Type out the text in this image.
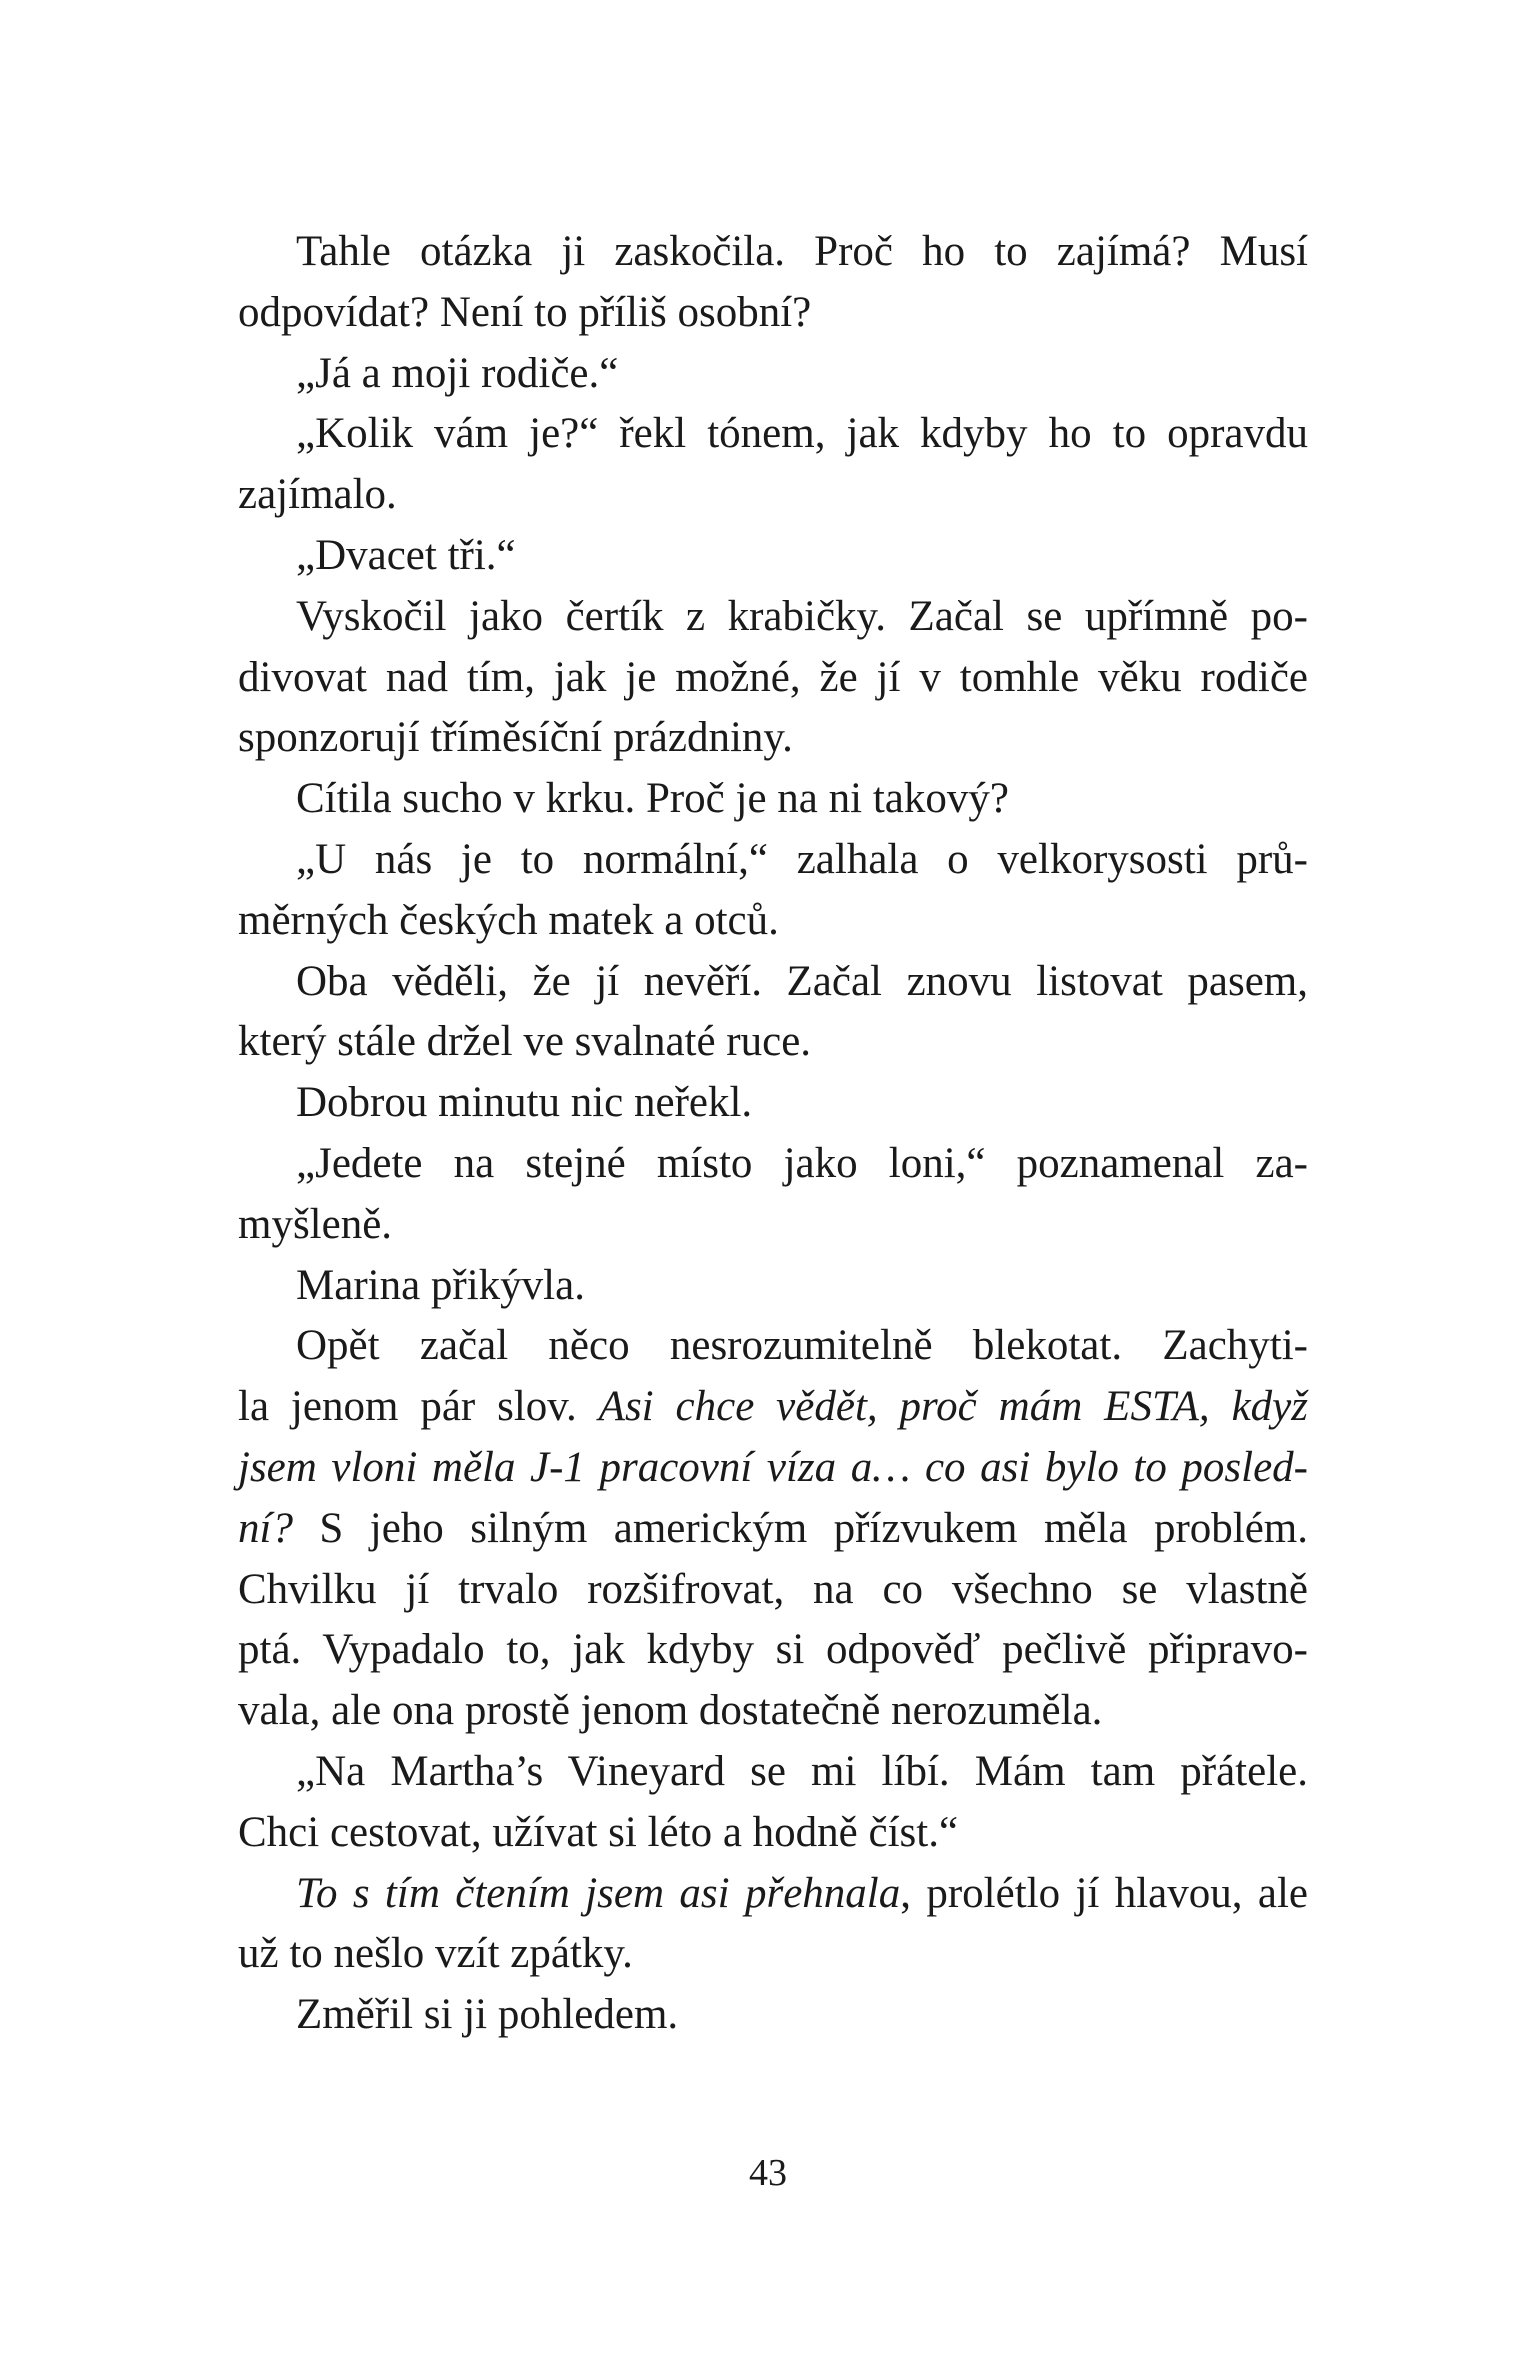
Tahle otázka ji zaskočila. Proč ho to zajímá? Musí
odpovídat? Není to příliš osobní?
„Já a moji rodiče.“
„Kolik vám je?“ řekl tónem, jak kdyby ho to opravdu
zajímalo.
„Dvacet tři.“
Vyskočil jako čertík z krabičky. Začal se upřímně po-
divovat nad tím, jak je možné, že jí v tomhle věku rodiče
sponzorují tříměsíční prázdniny.
Cítila sucho v krku. Proč je na ni takový?
„U nás je to normální,“ zalhala o velkorysosti prů-
měrných českých matek a otců.
Oba věděli, že jí nevěří. Začal znovu listovat pasem,
který stále držel ve svalnaté ruce.
Dobrou minutu nic neřekl.
„Jedete na stejné místo jako loni,“ poznamenal za-
myšleně.
Marina přikývla.
Opět začal něco nesrozumitelně blekotat. Zachyti-
la jenom pár slov. Asi chce vědět, proč mám ESTA, když
jsem vloni měla J-1 pracovní víza a… co asi bylo to posled-
ní? S jeho silným americkým přízvukem měla problém.
Chvilku jí trvalo rozšifrovat, na co všechno se vlastně
ptá. Vypadalo to, jak kdyby si odpověď pečlivě připravo-
vala, ale ona prostě jenom dostatečně nerozuměla.
„Na Martha’s Vineyard se mi líbí. Mám tam přátele.
Chci cestovat, užívat si léto a hodně číst.“
To s tím čtením jsem asi přehnala, prolétlo jí hlavou, ale
už to nešlo vzít zpátky.
Změřil si ji pohledem.
43
